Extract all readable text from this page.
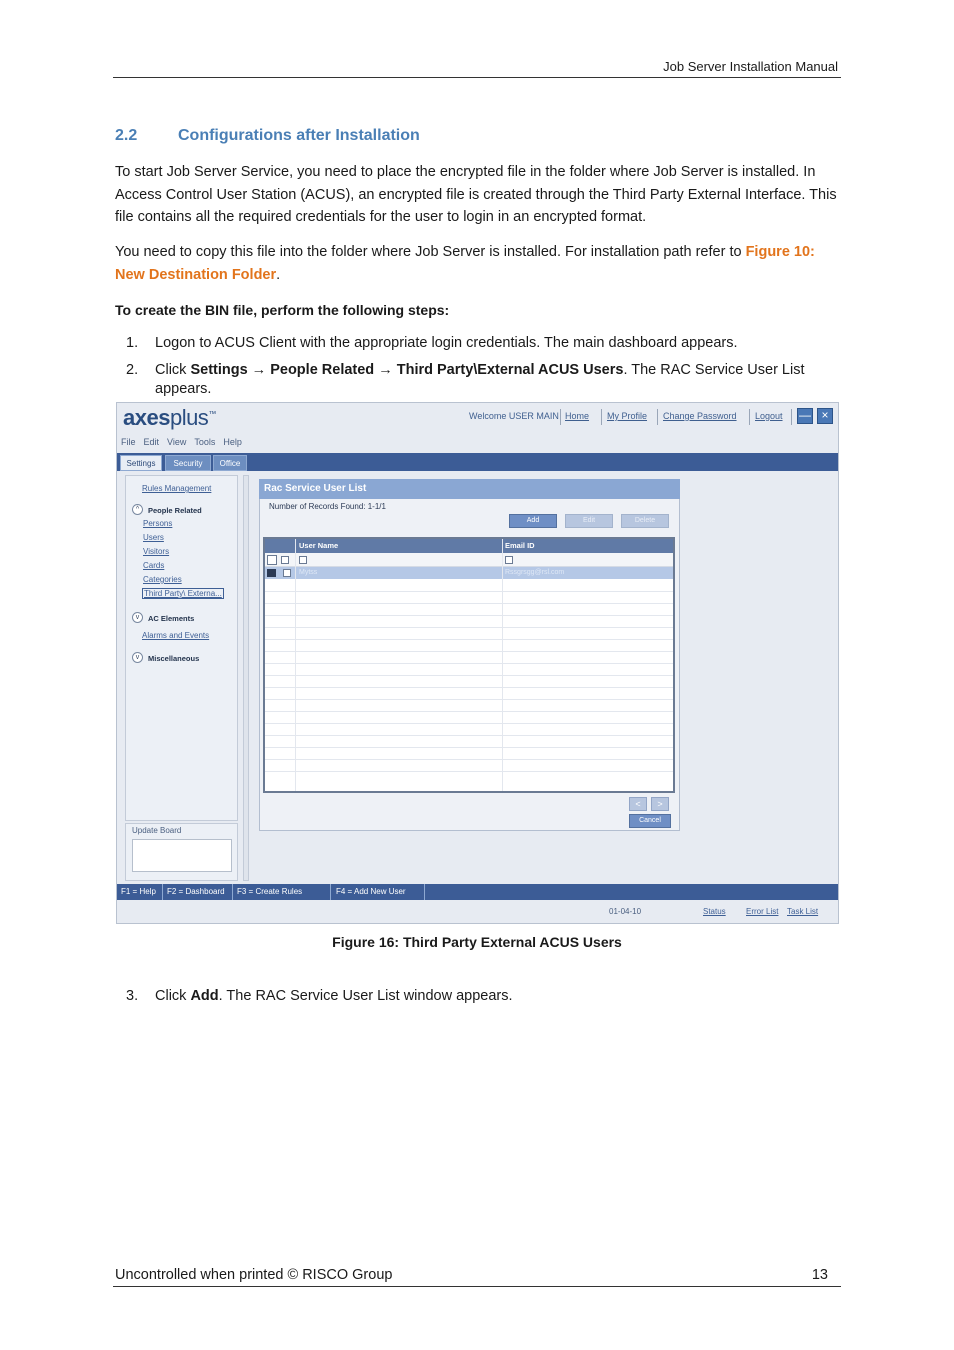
Job Server Installation Manual
2.2	Configurations after Installation
To start Job Server Service, you need to place the encrypted file in the folder where Job Server is installed. In Access Control User Station (ACUS), an encrypted file is created through the Third Party External Interface. This file contains all the required credentials for the user to login in an encrypted format.
You need to copy this file into the folder where Job Server is installed. For installation path refer to Figure 10: New Destination Folder.
To create the BIN file, perform the following steps:
1. Logon to ACUS Client with the appropriate login credentials. The main dashboard appears.
2. Click Settings → People Related → Third Party\External ACUS Users. The RAC Service User List appears.
axesplus™	Welcome USER MAIN Home My Profile Change Password Logout — ×
File Edit View Tools Help
Settings	Security	Office
Rules Management
^	People Related
Persons
Users
Visitors
Cards
Categories
Third Party\ Externa...
v	AC Elements
Alarms and Events
v	Miscellaneous
Update Board
Rac Service User List
Number of Records Found: 1-1/1
Add	Edit	Delete
User Name	Email ID
Mytss	Rssgrsgg@rsl.com
<	>
Cancel
F1 = Help F2 = Dashboard F3 = Create Rules	F4 = Add New User
01-04-10	Status	Error List Task List
Figure 16: Third Party External ACUS Users
3. Click Add. The RAC Service User List window appears.
Uncontrolled when printed © RISCO Group	13
